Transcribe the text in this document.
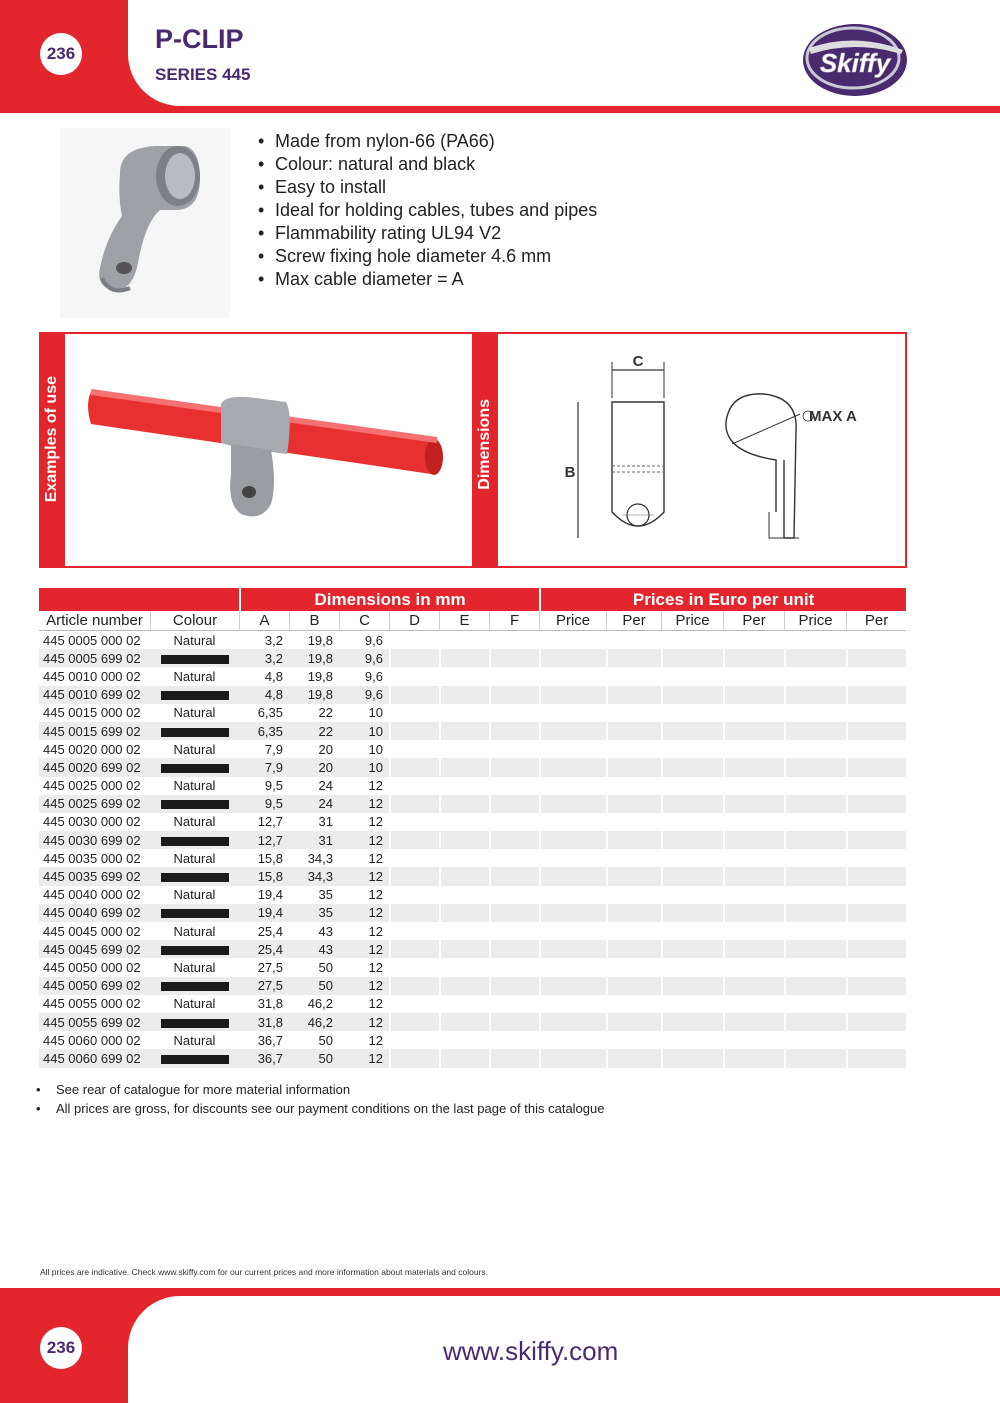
236	P-CLIP
SERIES 445	Skiffy
• Made from nylon-66 (PA66)
• Colour: natural and black
• Easy to install
• Ideal for holding cables, tubes and pipes
• Flammability rating UL94 V2
• Screw fixing hole diameter 4.6 mm
• Max cable diameter = A
Examples of use	Dimensions
C
B
MAX A
		Dimensions in mm						Prices in Euro per unit					
Article number	Colour	A	B	C	D	E	F	Price	Per	Price	Per	Price	Per
445 0005 000 02	Natural	3,2	19,8	9,6									
445 0005 699 02		3,2	19,8	9,6									
445 0010 000 02	Natural	4,8	19,8	9,6									
445 0010 699 02		4,8	19,8	9,6									
445 0015 000 02	Natural	6,35	22	10									
445 0015 699 02		6,35	22	10									
445 0020 000 02	Natural	7,9	20	10									
445 0020 699 02		7,9	20	10									
445 0025 000 02	Natural	9,5	24	12									
445 0025 699 02		9,5	24	12									
445 0030 000 02	Natural	12,7	31	12									
445 0030 699 02		12,7	31	12									
445 0035 000 02	Natural	15,8	34,3	12									
445 0035 699 02		15,8	34,3	12									
445 0040 000 02	Natural	19,4	35	12									
445 0040 699 02		19,4	35	12									
445 0045 000 02	Natural	25,4	43	12									
445 0045 699 02		25,4	43	12									
445 0050 000 02	Natural	27,5	50	12									
445 0050 699 02		27,5	50	12									
445 0055 000 02	Natural	31,8	46,2	12									
445 0055 699 02		31,8	46,2	12									
445 0060 000 02	Natural	36,7	50	12									
445 0060 699 02		36,7	50	12									
• See rear of catalogue for more material information
• All prices are gross, for discounts see our payment conditions on the last page of this catalogue
All prices are indicative. Check www.skiffy.com for our current prices and more information about materials and colours.
236	www.skiffy.com
